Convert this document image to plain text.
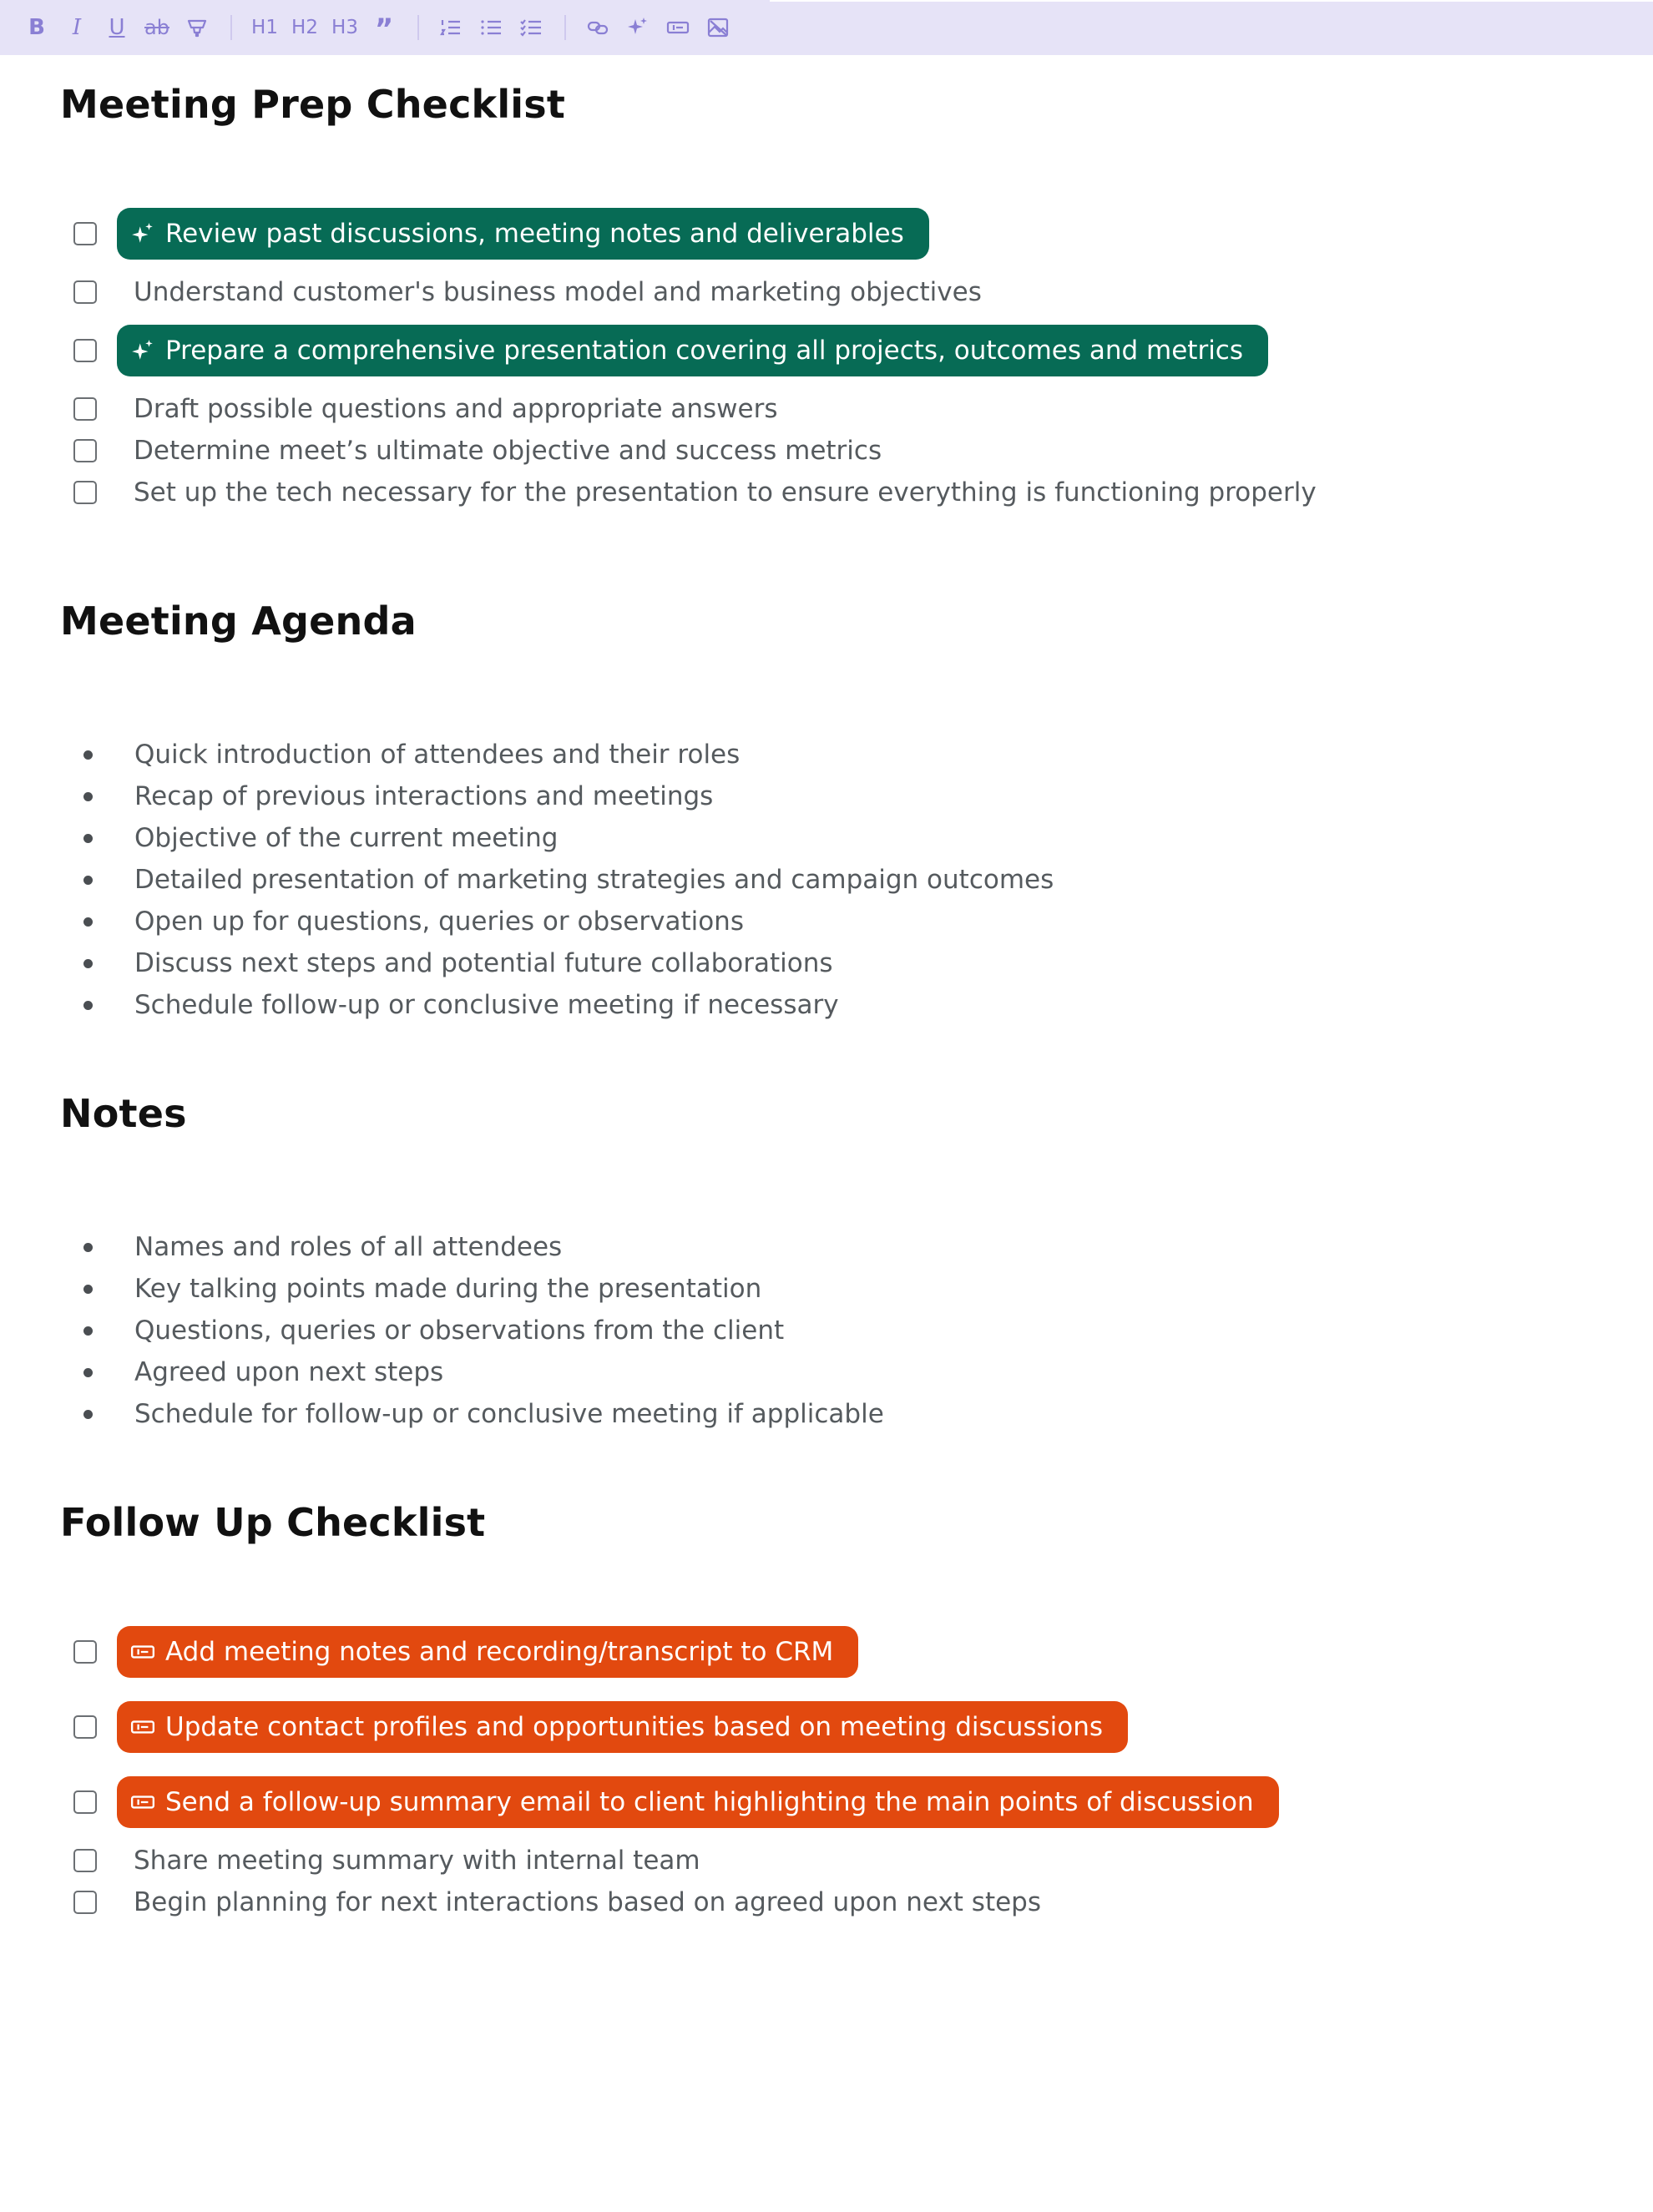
B	I	U ab	H1 H2 H3 ”
Meeting Prep Checklist
Review past discussions, meeting notes and deliverables
Understand customer's business model and marketing objectives
Prepare a comprehensive presentation covering all projects, outcomes and metrics
Draft possible questions and appropriate answers
Determine meet’s ultimate objective and success metrics
Set up the tech necessary for the presentation to ensure everything is functioning properly
Meeting Agenda
Quick introduction of attendees and their roles
Recap of previous interactions and meetings
Objective of the current meeting
Detailed presentation of marketing strategies and campaign outcomes
Open up for questions, queries or observations
Discuss next steps and potential future collaborations
Schedule follow-up or conclusive meeting if necessary
Notes
Names and roles of all attendees
Key talking points made during the presentation
Questions, queries or observations from the client
Agreed upon next steps
Schedule for follow-up or conclusive meeting if applicable
Follow Up Checklist
Add meeting notes and recording/transcript to CRM
Update contact profiles and opportunities based on meeting discussions
Send a follow-up summary email to client highlighting the main points of discussion
Share meeting summary with internal team
Begin planning for next interactions based on agreed upon next steps
